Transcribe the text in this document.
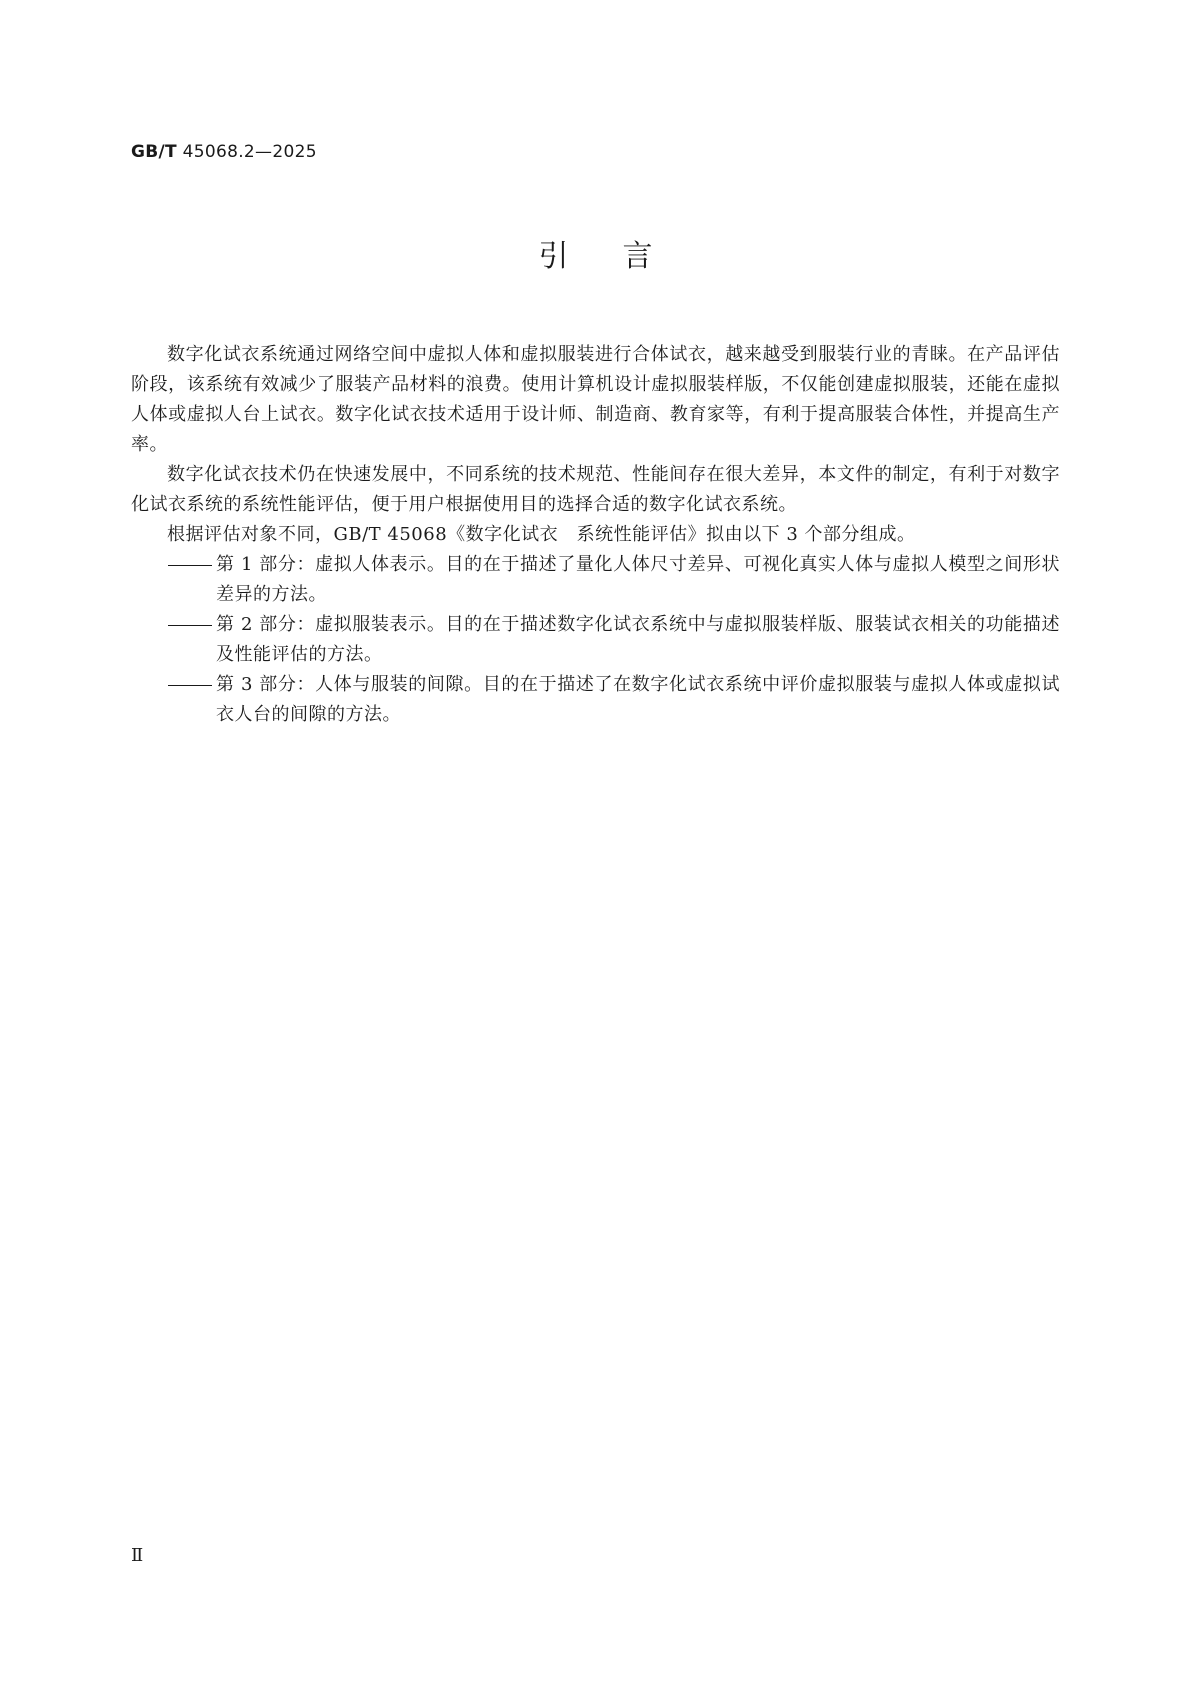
GB/T 45068.2—2025
引言

数字化试衣系统通过网络空间中虚拟人体和虚拟服装进行合体试衣，越来越受到服装行业的青睐。在产品评估阶段，该系统有效减少了服装产品材料的浪费。使用计算机设计虚拟服装样版，不仅能创建虚拟服装，还能在虚拟人体或虚拟人台上试衣。数字化试衣技术适用于设计师、制造商、教育家等，有利于提高服装合体性，并提高生产率。

数字化试衣技术仍在快速发展中，不同系统的技术规范、性能间存在很大差异，本文件的制定，有利于对数字化试衣系统的系统性能评估，便于用户根据使用目的选择合适的数字化试衣系统。

根据评估对象不同，GB/T 45068《数字化试衣　系统性能评估》拟由以下 3 个部分组成。

第 1 部分：虚拟人体表示。目的在于描述了量化人体尺寸差异、可视化真实人体与虚拟人模型之间形状差异的方法。
第 2 部分：虚拟服装表示。目的在于描述数字化试衣系统中与虚拟服装样版、服装试衣相关的功能描述及性能评估的方法。
第 3 部分：人体与服装的间隙。目的在于描述了在数字化试衣系统中评价虚拟服装与虚拟人体或虚拟试衣人台的间隙的方法。
Ⅱ
